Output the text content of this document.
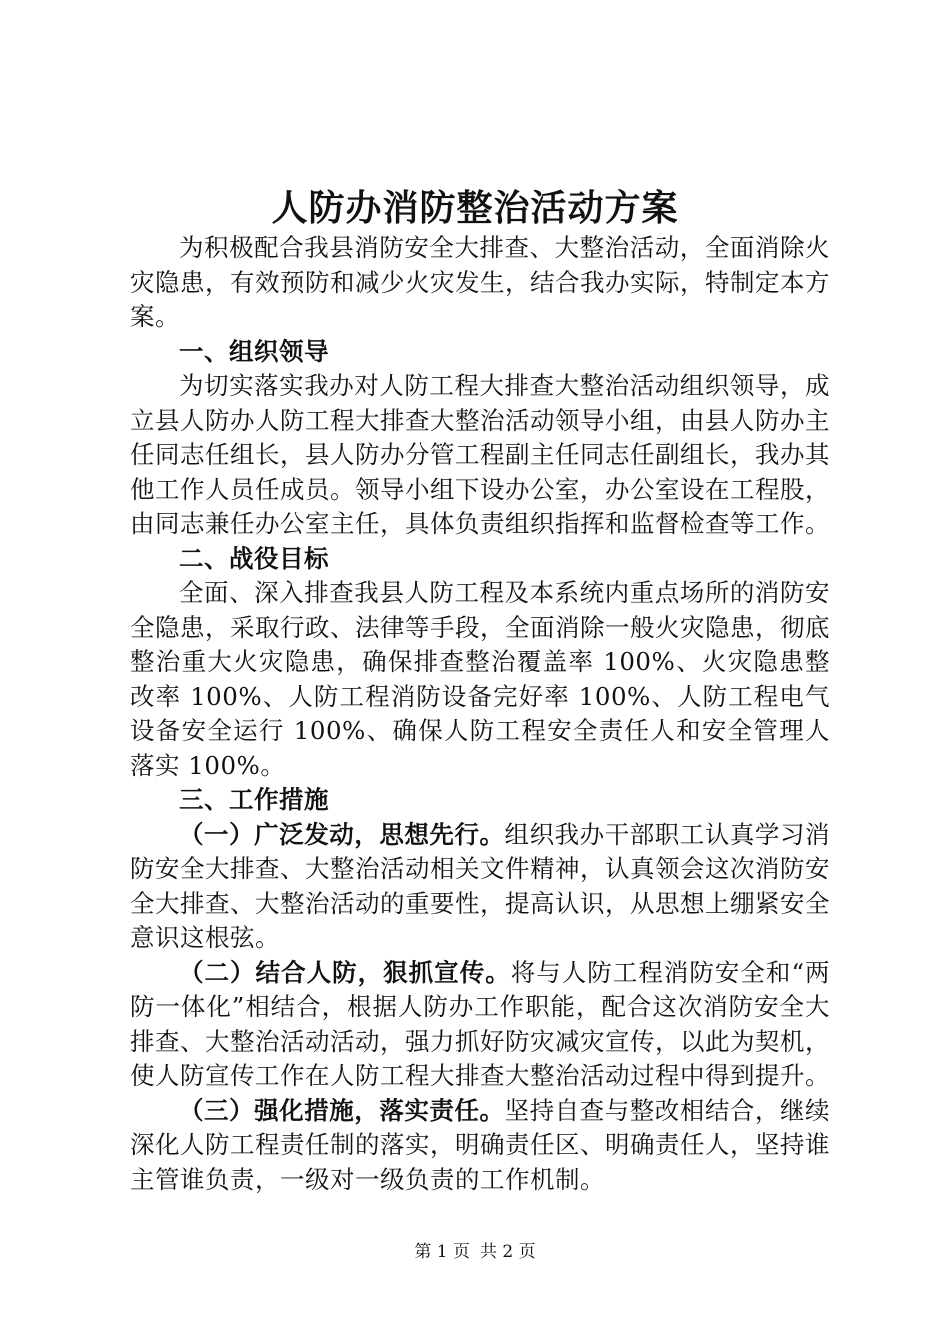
人防办消防整治活动方案

为积极配合我县消防安全大排查、大整治活动，全面消除火灾隐患，有效预防和减少火灾发生，结合我办实际，特制定本方案。

一、组织领导

为切实落实我办对人防工程大排查大整治活动组织领导，成立县人防办人防工程大排查大整治活动领导小组，由县人防办主任同志任组长，县人防办分管工程副主任同志任副组长，我办其他工作人员任成员。领导小组下设办公室，办公室设在工程股，由同志兼任办公室主任，具体负责组织指挥和监督检查等工作。

二、战役目标

全面、深入排查我县人防工程及本系统内重点场所的消防安全隐患，采取行政、法律等手段，全面消除一般火灾隐患，彻底整治重大火灾隐患，确保排查整治覆盖率 100%、火灾隐患整改率 100%、人防工程消防设备完好率 100%、人防工程电气设备安全运行 100%、确保人防工程安全责任人和安全管理人落实 100%。

三、工作措施

（一）广泛发动，思想先行。组织我办干部职工认真学习消防安全大排查、大整治活动相关文件精神，认真领会这次消防安全大排查、大整治活动的重要性，提高认识，从思想上绷紧安全意识这根弦。

（二）结合人防，狠抓宣传。将与人防工程消防安全和“两防一体化”相结合，根据人防办工作职能，配合这次消防安全大排查、大整治活动活动，强力抓好防灾减灾宣传，以此为契机，使人防宣传工作在人防工程大排查大整治活动过程中得到提升。

（三）强化措施，落实责任。坚持自查与整改相结合，继续深化人防工程责任制的落实，明确责任区、明确责任人，坚持谁主管谁负责，一级对一级负责的工作机制。

第 1 页 共 2 页
